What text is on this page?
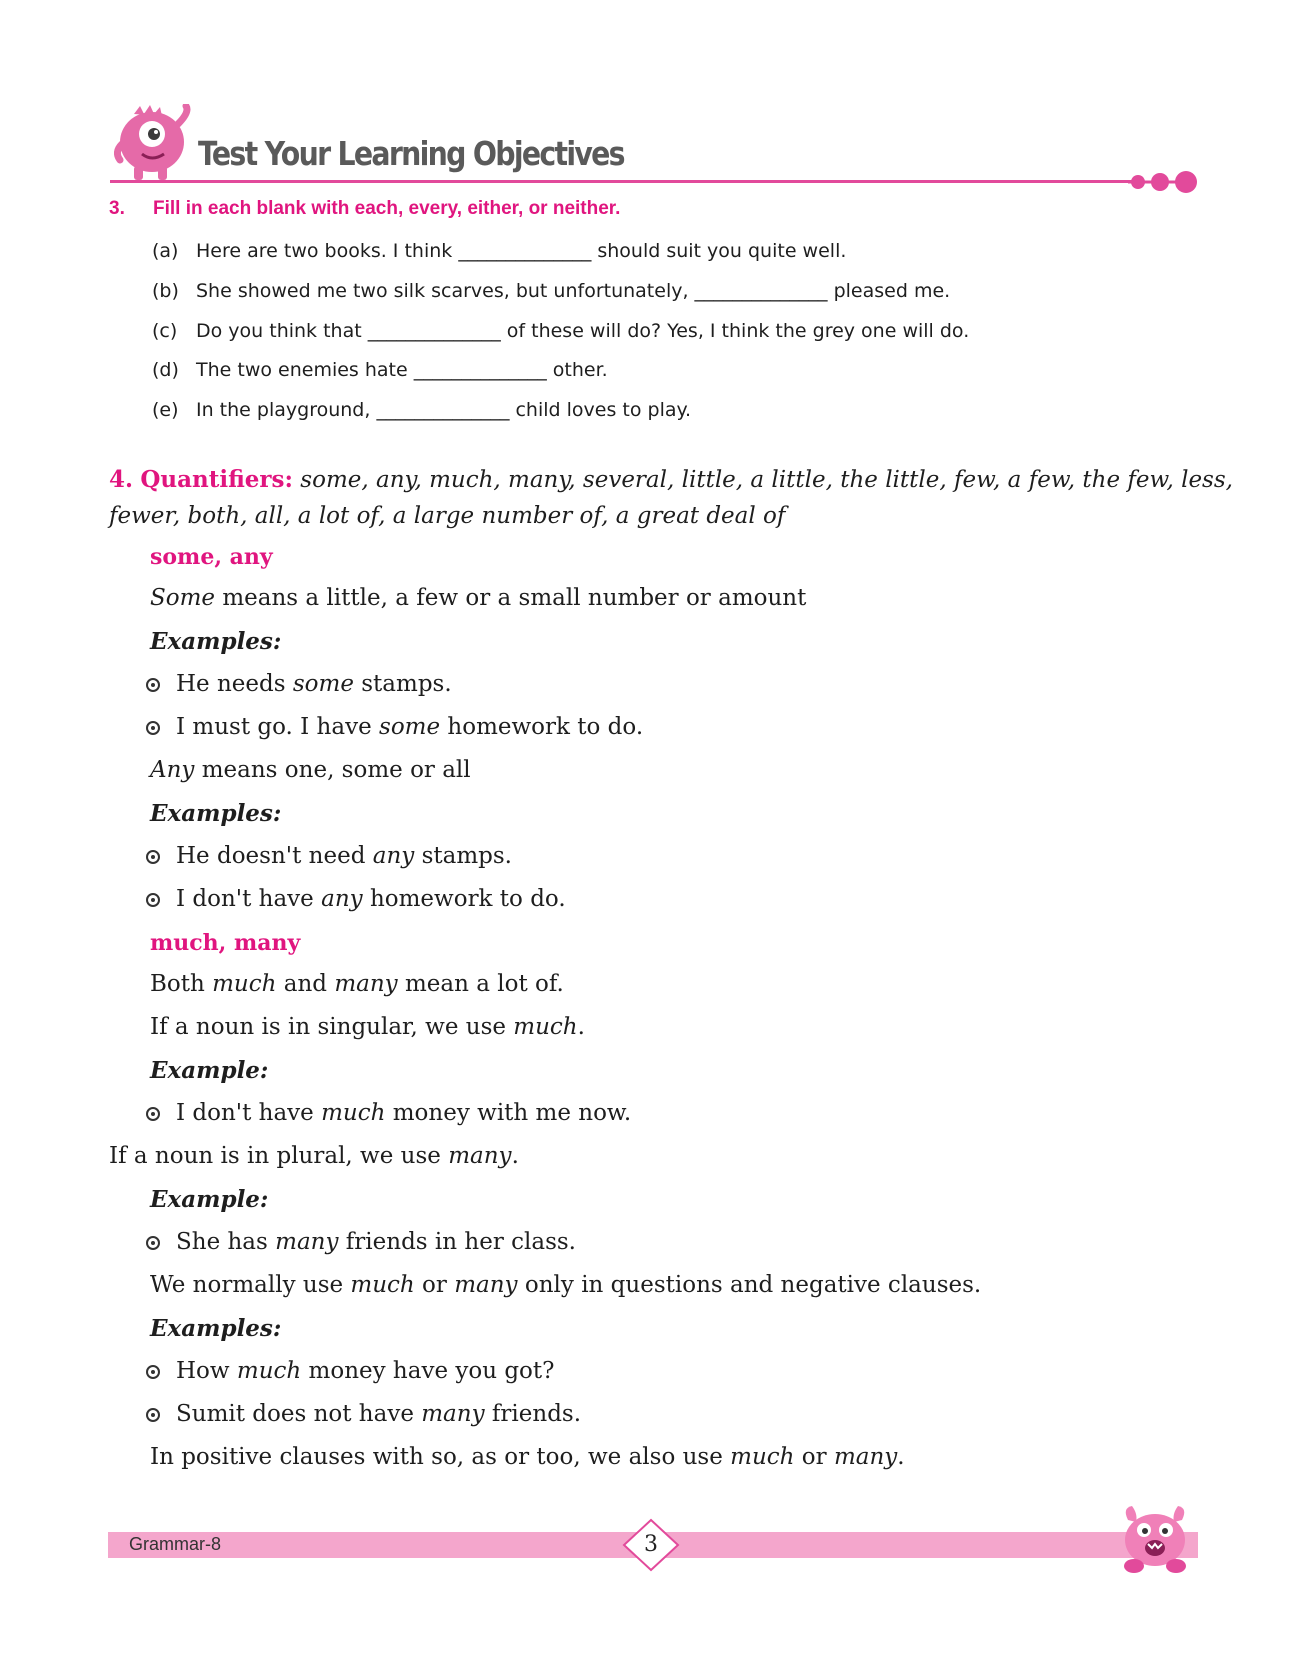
Test Your Learning Objectives
3. Fill in each blank with each, every, either, or neither.
(a) Here are two books. I think ______________ should suit you quite well.
(b) She showed me two silk scarves, but unfortunately, ______________ pleased me.
(c) Do you think that ______________ of these will do? Yes, I think the grey one will do.
(d) The two enemies hate ______________ other.
(e) In the playground, ______________ child loves to play.
4. Quantifiers: some, any, much, many, several, little, a little, the little, few, a few, the few, less,
fewer, both, all, a lot of, a large number of, a great deal of
some, any
Some means a little, a few or a small number or amount
Examples:
He needs some stamps.
I must go. I have some homework to do.
Any means one, some or all
Examples:
He doesn't need any stamps.
I don't have any homework to do.
much, many
Both much and many mean a lot of.
If a noun is in singular, we use much.
Example:
I don't have much money with me now.
If a noun is in plural, we use many.
Example:
She has many friends in her class.
We normally use much or many only in questions and negative clauses.
Examples:
How much money have you got?
Sumit does not have many friends.
In positive clauses with so, as or too, we also use much or many.
Grammar-8	3
